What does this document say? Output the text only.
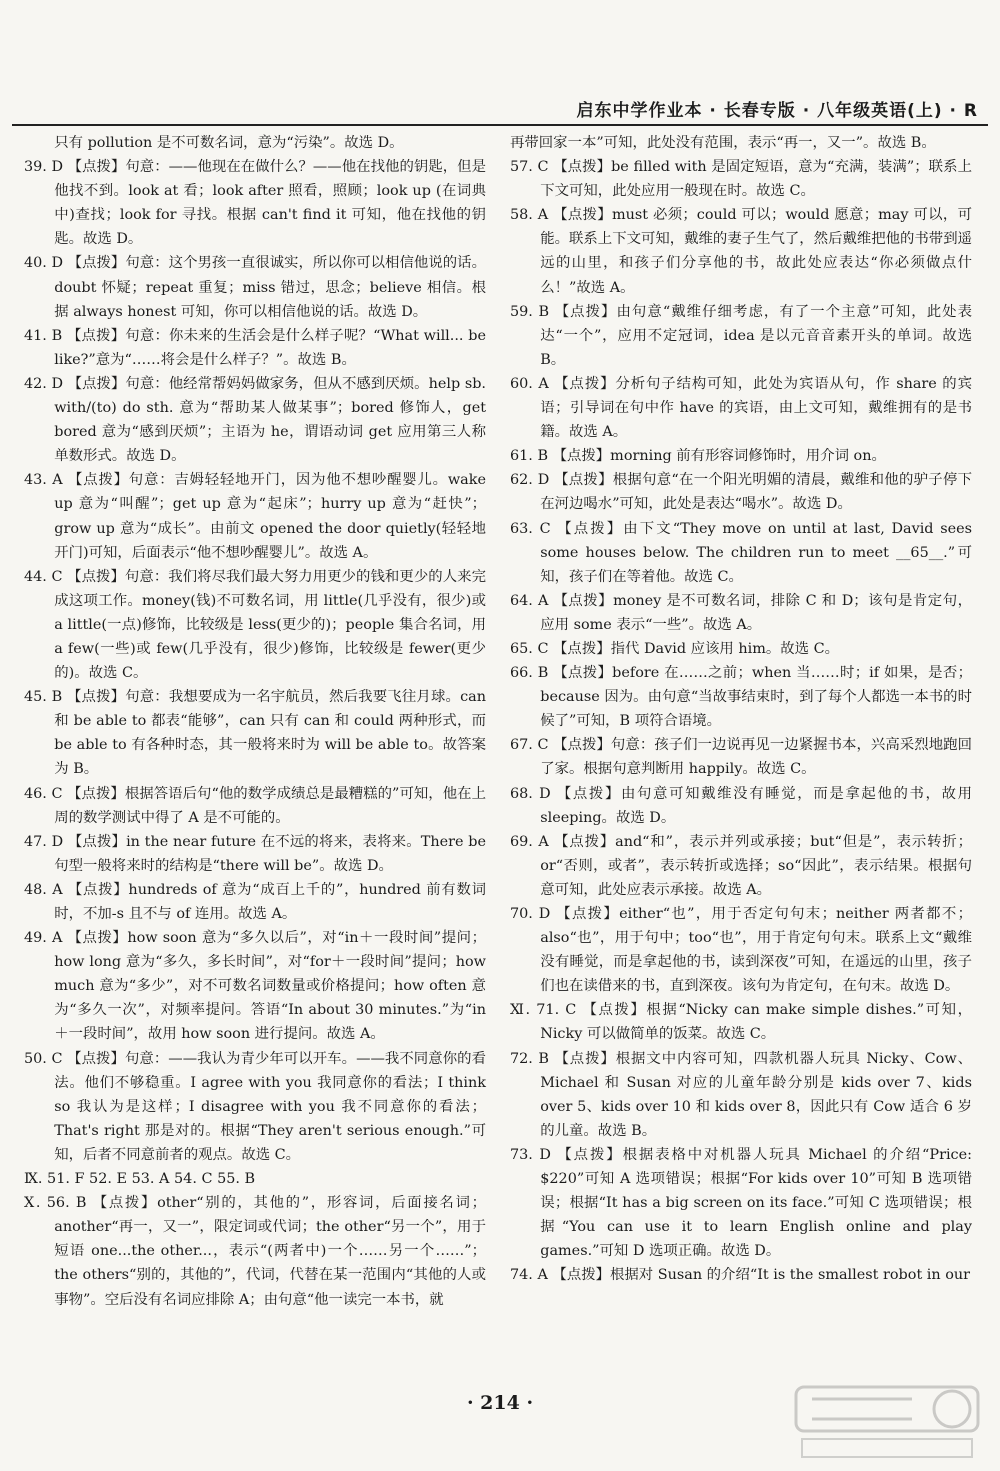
启东中学作业本 · 长春专版 · 八年级英语(上) · R
只有 pollution 是不可数名词，意为“污染”。故选 D。
39. D 【点拨】句意：——他现在在做什么？——他在找他的钥匙，但是他找不到。look at 看；look after 照看，照顾；look up (在词典中)查找；look for 寻找。根据 can't find it 可知，他在找他的钥匙。故选 D。
40. D 【点拨】句意：这个男孩一直很诚实，所以你可以相信他说的话。doubt 怀疑；repeat 重复；miss 错过，思念；believe 相信。根据 always honest 可知，你可以相信他说的话。故选 D。
41. B 【点拨】句意：你未来的生活会是什么样子呢？“What will... be like?”意为“……将会是什么样子？”。故选 B。
42. D 【点拨】句意：他经常帮妈妈做家务，但从不感到厌烦。help sb. with/(to) do sth. 意为“帮助某人做某事”；bored 修饰人，get bored 意为“感到厌烦”；主语为 he，谓语动词 get 应用第三人称单数形式。故选 D。
43. A 【点拨】句意：吉姆轻轻地开门，因为他不想吵醒婴儿。wake up 意为“叫醒”；get up 意为“起床”；hurry up 意为“赶快”；grow up 意为“成长”。由前文 opened the door quietly(轻轻地开门)可知，后面表示“他不想吵醒婴儿”。故选 A。
44. C 【点拨】句意：我们将尽我们最大努力用更少的钱和更少的人来完成这项工作。money(钱)不可数名词，用 little(几乎没有，很少)或 a little(一点)修饰，比较级是 less(更少的)；people 集合名词，用 a few(一些)或 few(几乎没有，很少)修饰，比较级是 fewer(更少的)。故选 C。
45. B 【点拨】句意：我想要成为一名宇航员，然后我要飞往月球。can 和 be able to 都表“能够”，can 只有 can 和 could 两种形式，而 be able to 有各种时态，其一般将来时为 will be able to。故答案为 B。
46. C 【点拨】根据答语后句“他的数学成绩总是最糟糕的”可知，他在上周的数学测试中得了 A 是不可能的。
47. D 【点拨】in the near future 在不远的将来，表将来。There be 句型一般将来时的结构是“there will be”。故选 D。
48. A 【点拨】hundreds of 意为“成百上千的”，hundred 前有数词时，不加-s 且不与 of 连用。故选 A。
49. A 【点拨】how soon 意为“多久以后”，对“in＋一段时间”提问；how long 意为“多久，多长时间”，对“for＋一段时间”提问；how much 意为“多少”，对不可数名词数量或价格提问；how often 意为“多久一次”，对频率提问。答语“In about 30 minutes.”为“in＋一段时间”，故用 how soon 进行提问。故选 A。
50. C 【点拨】句意：——我认为青少年可以开车。——我不同意你的看法。他们不够稳重。I agree with you 我同意你的看法；I think so 我认为是这样；I disagree with you 我不同意你的看法；That's right 那是对的。根据“They aren't serious enough.”可知，后者不同意前者的观点。故选 C。
Ⅸ. 51. F 52. E 53. A 54. C 55. B
Ⅹ. 56. B 【点拨】other“别的，其他的”，形容词，后面接名词；another“再一，又一”，限定词或代词；the other“另一个”，用于短语 one...the other...，表示“(两者中)一个……另一个……”；the others“别的，其他的”，代词，代替在某一范围内“其他的人或事物”。空后没有名词应排除 A；由句意“他一读完一本书，就
再带回家一本”可知，此处没有范围，表示“再一，又一”。故选 B。
57. C 【点拨】be filled with 是固定短语，意为“充满，装满”；联系上下文可知，此处应用一般现在时。故选 C。
58. A 【点拨】must 必须；could 可以；would 愿意；may 可以，可能。联系上下文可知，戴维的妻子生气了，然后戴维把他的书带到遥远的山里，和孩子们分享他的书，故此处应表达“你必须做点什么！”故选 A。
59. B 【点拨】由句意“戴维仔细考虑，有了一个主意”可知，此处表达“一个”，应用不定冠词，idea 是以元音音素开头的单词。故选 B。
60. A 【点拨】分析句子结构可知，此处为宾语从句，作 share 的宾语；引导词在句中作 have 的宾语，由上文可知，戴维拥有的是书籍。故选 A。
61. B 【点拨】morning 前有形容词修饰时，用介词 on。
62. D 【点拨】根据句意“在一个阳光明媚的清晨，戴维和他的驴子停下在河边喝水”可知，此处是表达“喝水”。故选 D。
63. C 【点拨】由下文“They move on until at last, David sees some houses below. The children run to meet __65__.”可知，孩子们在等着他。故选 C。
64. A 【点拨】money 是不可数名词，排除 C 和 D；该句是肯定句，应用 some 表示“一些”。故选 A。
65. C 【点拨】指代 David 应该用 him。故选 C。
66. B 【点拨】before 在……之前；when 当……时；if 如果，是否；because 因为。由句意“当故事结束时，到了每个人都选一本书的时候了”可知，B 项符合语境。
67. C 【点拨】句意：孩子们一边说再见一边紧握书本，兴高采烈地跑回了家。根据句意判断用 happily。故选 C。
68. D 【点拨】由句意可知戴维没有睡觉，而是拿起他的书，故用 sleeping。故选 D。
69. A 【点拨】and“和”，表示并列或承接；but“但是”，表示转折；or“否则，或者”，表示转折或选择；so“因此”，表示结果。根据句意可知，此处应表示承接。故选 A。
70. D 【点拨】either“也”，用于否定句句末；neither 两者都不；also“也”，用于句中；too“也”，用于肯定句句末。联系上文“戴维没有睡觉，而是拿起他的书，读到深夜”可知，在遥远的山里，孩子们也在读借来的书，直到深夜。该句为肯定句，在句末。故选 D。
Ⅺ. 71. C 【点拨】根据“Nicky can make simple dishes.”可知，Nicky 可以做简单的饭菜。故选 C。
72. B 【点拨】根据文中内容可知，四款机器人玩具 Nicky、Cow、Michael 和 Susan 对应的儿童年龄分别是 kids over 7、kids over 5、kids over 10 和 kids over 8，因此只有 Cow 适合 6 岁的儿童。故选 B。
73. D 【点拨】根据表格中对机器人玩具 Michael 的介绍“Price: $220”可知 A 选项错误；根据“For kids over 10”可知 B 选项错误；根据“It has a big screen on its face.”可知 C 选项错误；根据“You can use it to learn English online and play games.”可知 D 选项正确。故选 D。
74. A 【点拨】根据对 Susan 的介绍“It is the smallest robot in our
· 214 ·
